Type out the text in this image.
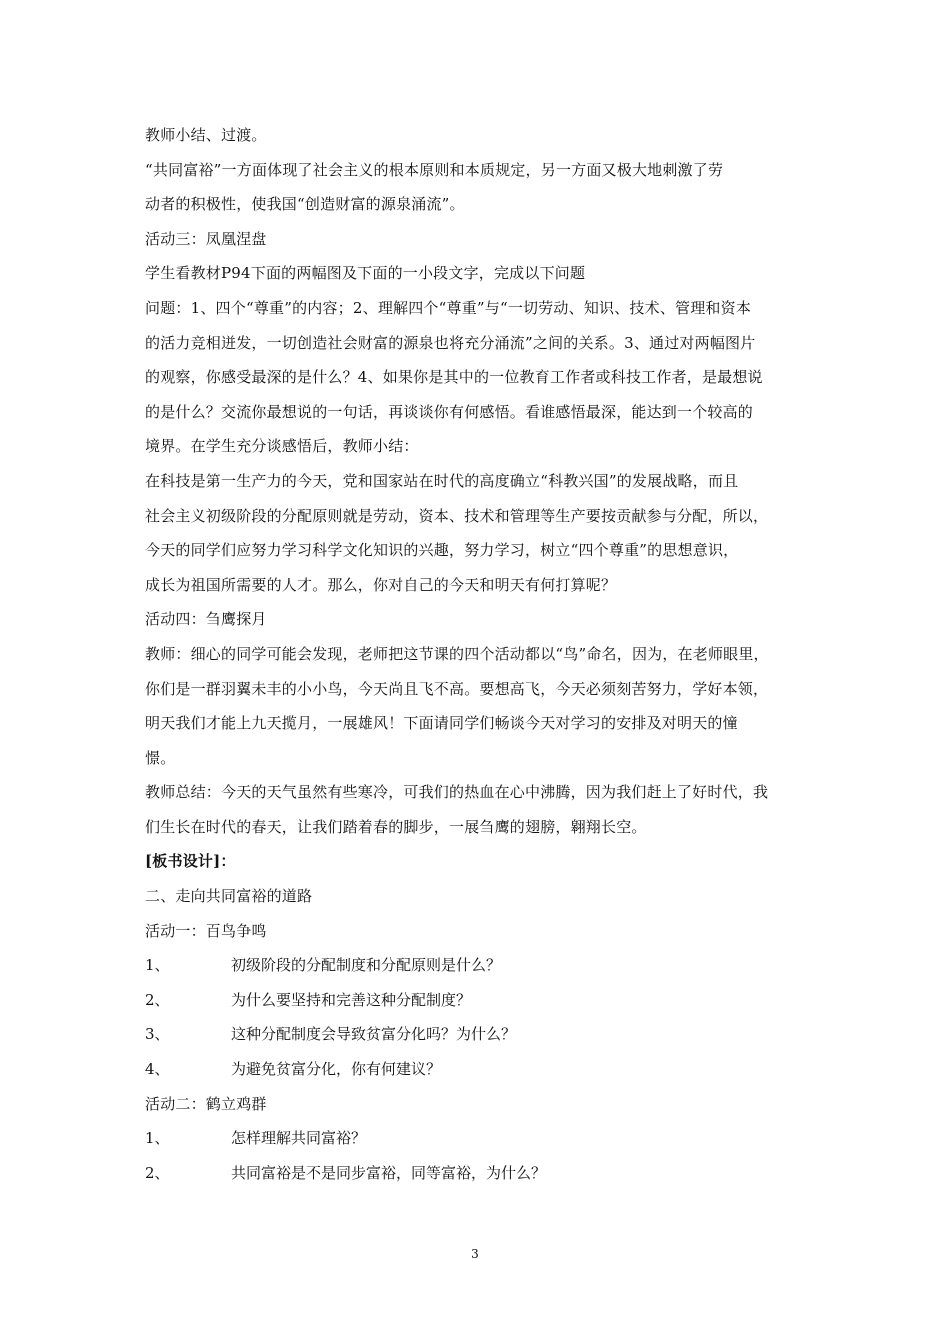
教师小结、过渡。
“共同富裕”一方面体现了社会主义的根本原则和本质规定，另一方面又极大地刺激了劳
动者的积极性，使我国“创造财富的源泉涌流”。
活动三：凤凰涅盘
学生看教材P94下面的两幅图及下面的一小段文字，完成以下问题
问题：1、四个“尊重”的内容；2、理解四个“尊重”与“一切劳动、知识、技术、管理和资本
的活力竞相迸发，一切创造社会财富的源泉也将充分涌流”之间的关系。3、通过对两幅图片
的观察，你感受最深的是什么？4、如果你是其中的一位教育工作者或科技工作者，是最想说
的是什么？交流你最想说的一句话，再谈谈你有何感悟。看谁感悟最深，能达到一个较高的
境界。在学生充分谈感悟后，教师小结：
在科技是第一生产力的今天，党和国家站在时代的高度确立“科教兴国”的发展战略，而且
社会主义初级阶段的分配原则就是劳动，资本、技术和管理等生产要按贡献参与分配，所以，
今天的同学们应努力学习科学文化知识的兴趣，努力学习，树立“四个尊重”的思想意识，
成长为祖国所需要的人才。那么，你对自己的今天和明天有何打算呢？
活动四：刍鹰探月
教师：细心的同学可能会发现，老师把这节课的四个活动都以“鸟”命名，因为，在老师眼里，
你们是一群羽翼未丰的小小鸟，今天尚且飞不高。要想高飞，今天必须刻苦努力，学好本领，
明天我们才能上九天揽月，一展雄风！下面请同学们畅谈今天对学习的安排及对明天的憧
憬。
教师总结：今天的天气虽然有些寒冷，可我们的热血在心中沸腾，因为我们赶上了好时代，我
们生长在时代的春天，让我们踏着春的脚步，一展刍鹰的翅膀，翱翔长空。
[板书设计]：
二、走向共同富裕的道路
活动一：百鸟争鸣
1、	初级阶段的分配制度和分配原则是什么？
2、	为什么要坚持和完善这种分配制度？
3、	这种分配制度会导致贫富分化吗？为什么？
4、	为避免贫富分化，你有何建议？
活动二：鹤立鸡群
1、	怎样理解共同富裕？
2、	共同富裕是不是同步富裕，同等富裕，为什么？
3
